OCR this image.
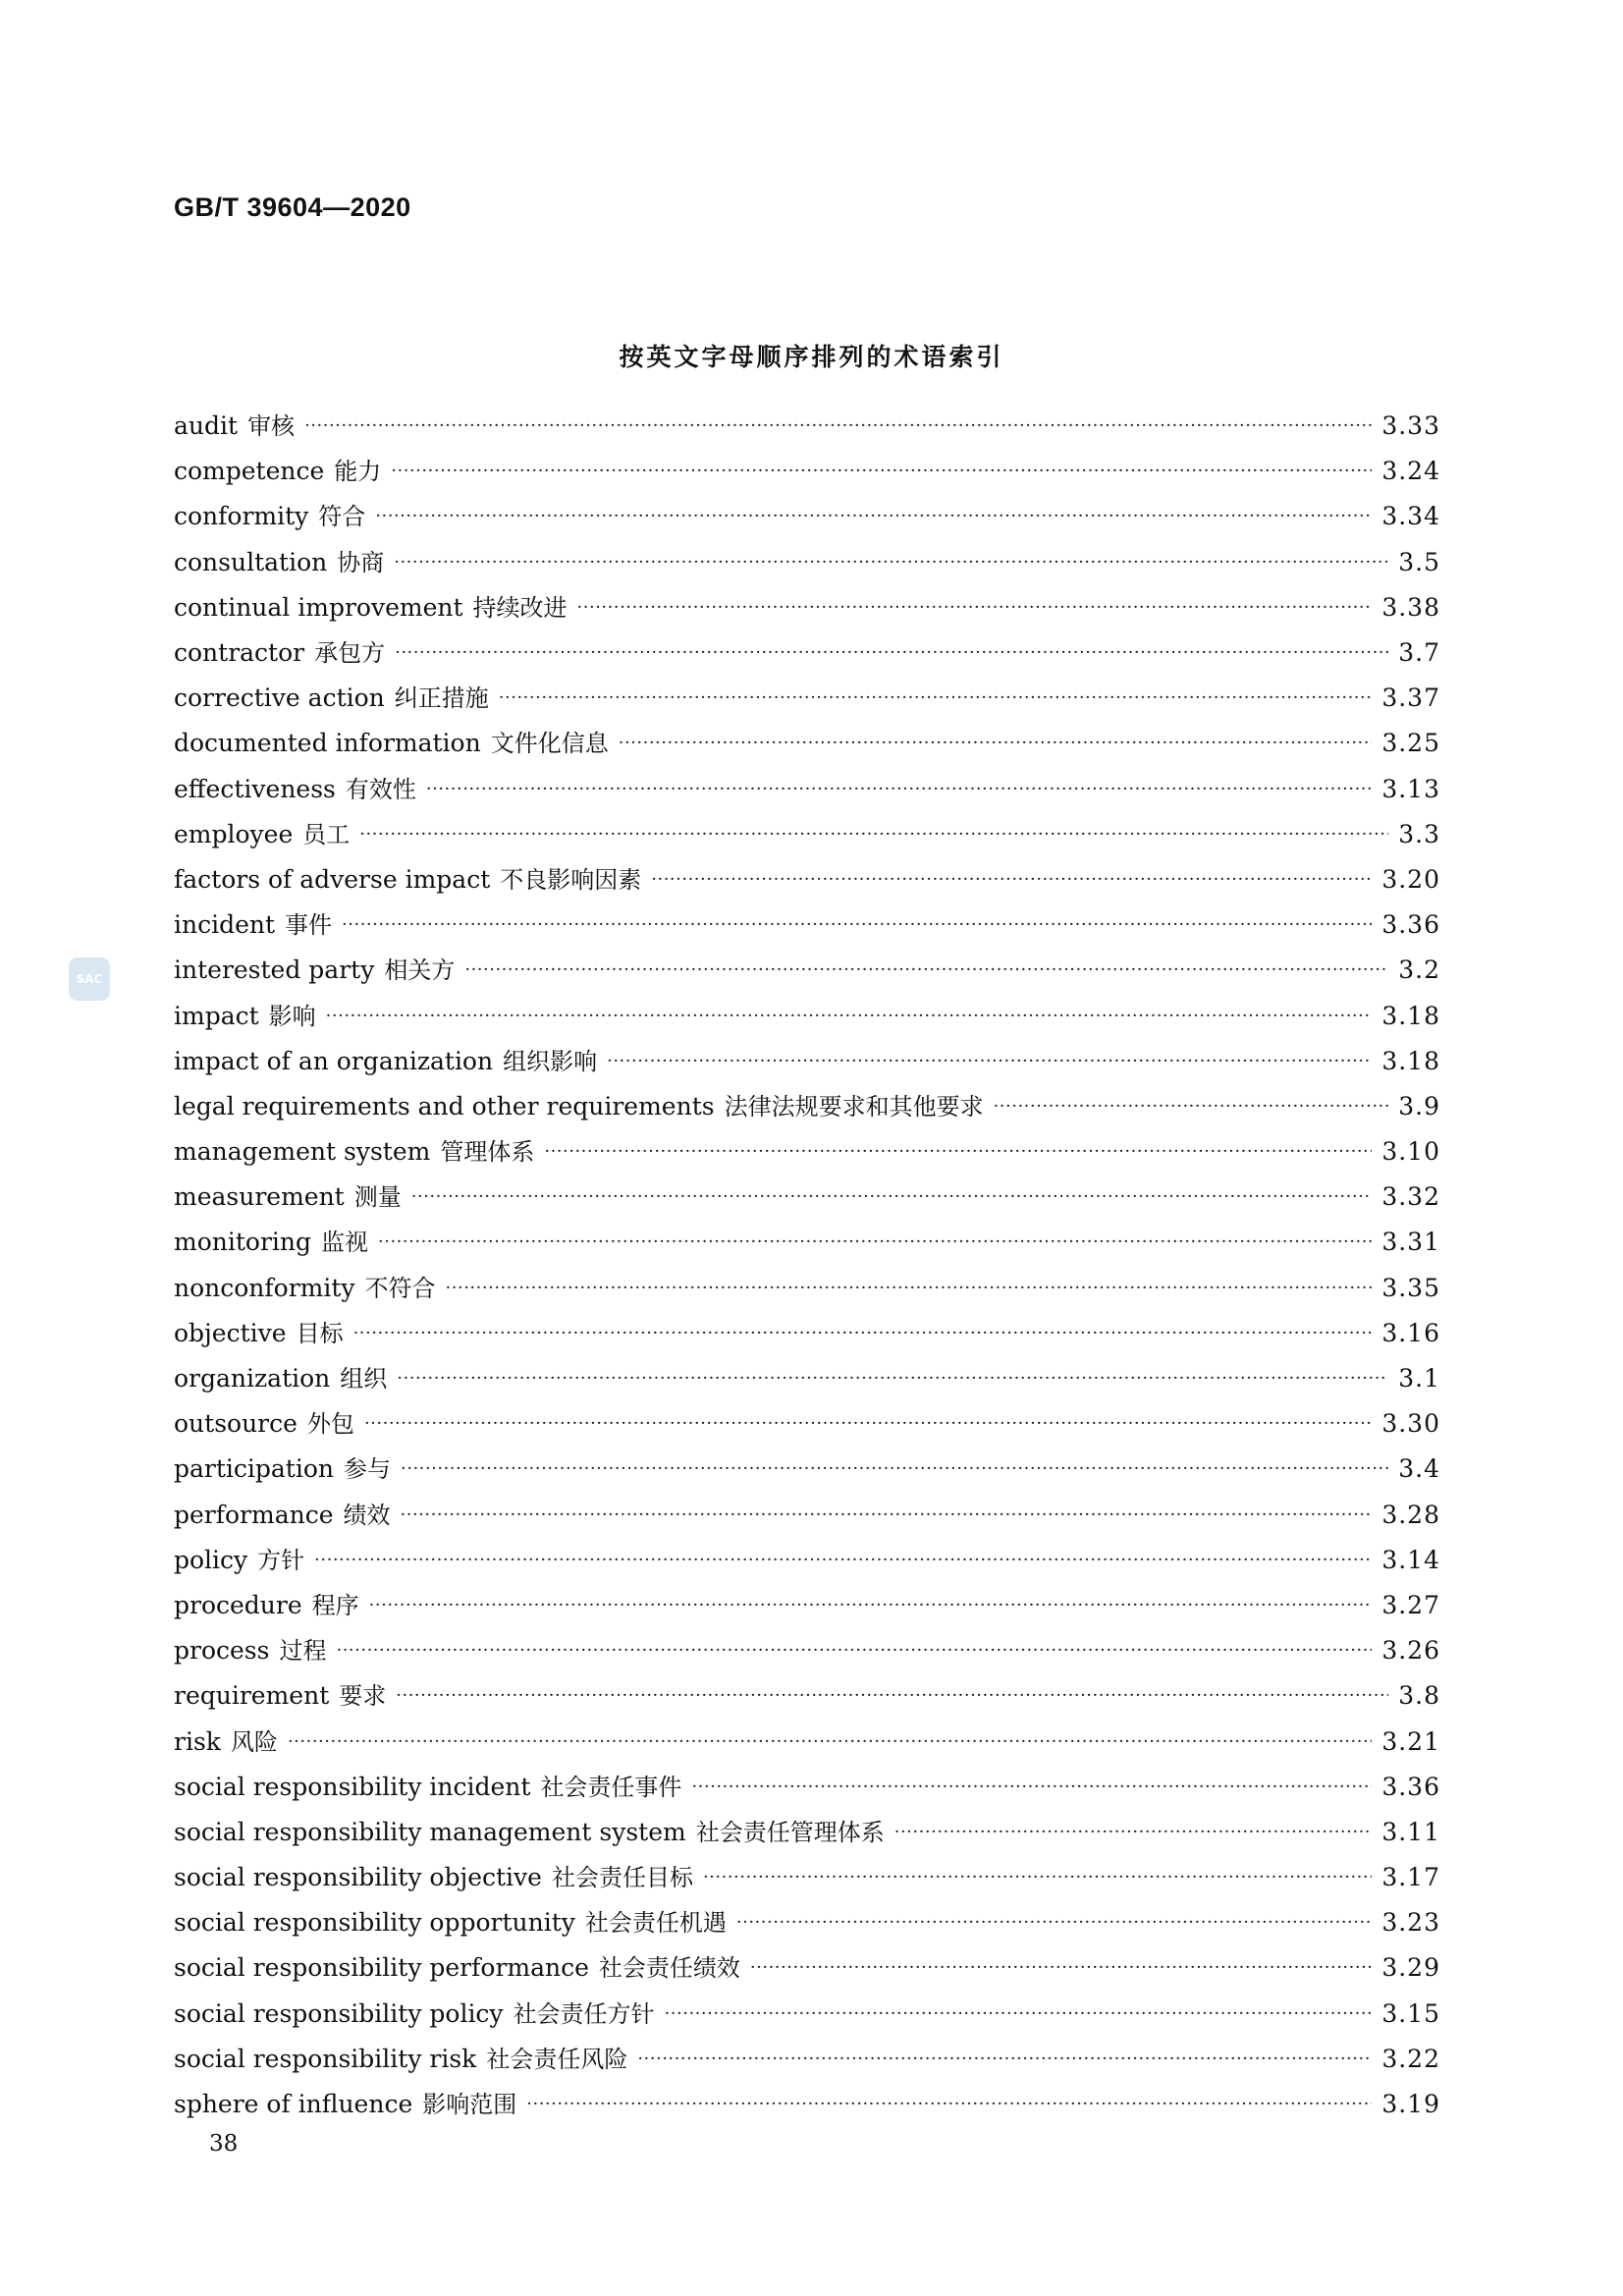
GB/T 39604—2020

按英文字母顺序排列的术语索引
SAC
audit 审核 ·····	3.33
competence 能力 ·····	3.24
conformity 符合 ·····	3.34
consultation 协商 ·····	3.5
continual improvement 持续改进 ·····	3.38
contractor 承包方 ·····	3.7
corrective action 纠正措施 ·····	3.37
documented information 文件化信息 ·····	3.25
effectiveness 有效性 ·····	3.13
employee 员工 ·····	3.3
factors of adverse impact 不良影响因素 ·····	3.20
incident 事件 ·····	3.36
interested party 相关方 ·····	3.2
impact 影响 ·····	3.18
impact of an organization 组织影响 ·····	3.18
legal requirements and other requirements 法律法规要求和其他要求 ·····	3.9
management system 管理体系 ·····	3.10
measurement 测量 ·····	3.32
monitoring 监视 ·····	3.31
nonconformity 不符合 ·····	3.35
objective 目标 ·····	3.16
organization 组织 ·····	3.1
outsource 外包 ·····	3.30
participation 参与 ·····	3.4
performance 绩效 ·····	3.28
policy 方针 ·····	3.14
procedure 程序 ·····	3.27
process 过程 ·····	3.26
requirement 要求 ·····	3.8
risk 风险 ·····	3.21
social responsibility incident 社会责任事件 ·····	3.36
social responsibility management system 社会责任管理体系 ·····	3.11
social responsibility objective 社会责任目标 ·····	3.17
social responsibility opportunity 社会责任机遇 ·····	3.23
social responsibility performance 社会责任绩效 ·····	3.29
social responsibility policy 社会责任方针 ·····	3.15
social responsibility risk 社会责任风险 ·····	3.22
sphere of influence 影响范围 ·····	3.19

38
